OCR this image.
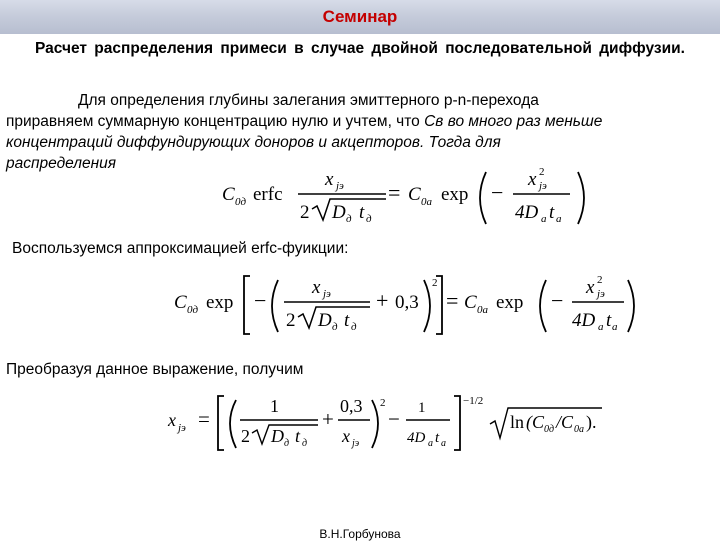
Семинар
Расчет распределения примеси в случае двойной последовательной диффузии.
Для определения глубины залегания эмиттерного p-n-перехода
приравняем суммарную концентрацию нулю и учтем, что Cв во много раз меньше
концентраций диффундирующих доноров и акцепторов. Тогда для
распределения
C 0д erfc
x jэ
2 D д t д
= C 0a exp −
x 2
jэ
4D a t a
Воспользуемся аппроксимацией erfc-фуикции:
C 0д exp −
x jэ
2 D д t д
+ 0,3
2
= C 0a exp −
x 2
jэ
4D a t a
Преобразуя данное выражение, получим
x jэ =
1
2 D д t д
+
0,3
x jэ
2
− 1
4D a t a
−1/2
ln (C 0д /C 0a ).
В.Н.Горбунова
